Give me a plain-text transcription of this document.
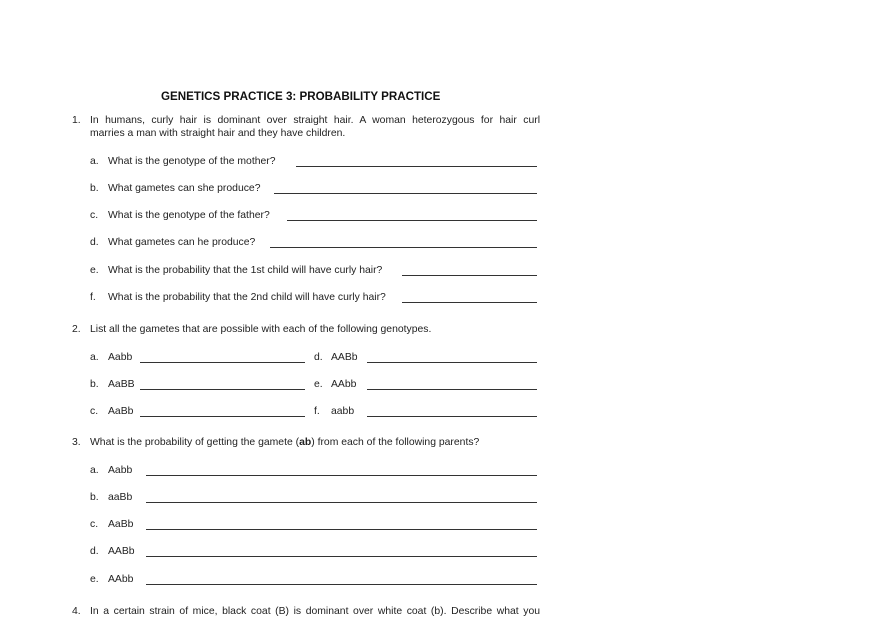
GENETICS PRACTICE 3: PROBABILITY PRACTICE
1. In humans, curly hair is dominant over straight hair. A woman heterozygous for hair curl
marries a man with straight hair and they have children.
a. What is the genotype of the mother?
b. What gametes can she produce?
c. What is the genotype of the father?
d. What gametes can he produce?
e. What is the probability that the 1st child will have curly hair?
f. What is the probability that the 2nd child will have curly hair?
2. List all the gametes that are possible with each of the following genotypes.
a. Aabb
b. AaBB
c. AaBb
d. AABb
e. AAbb
f. aabb
3. What is the probability of getting the gamete (ab) from each of the following parents?
a. Aabb
b. aaBb
c. AaBb
d. AABb
e. AAbb
4. In a certain strain of mice, black coat (B) is dominant over white coat (b). Describe what you
